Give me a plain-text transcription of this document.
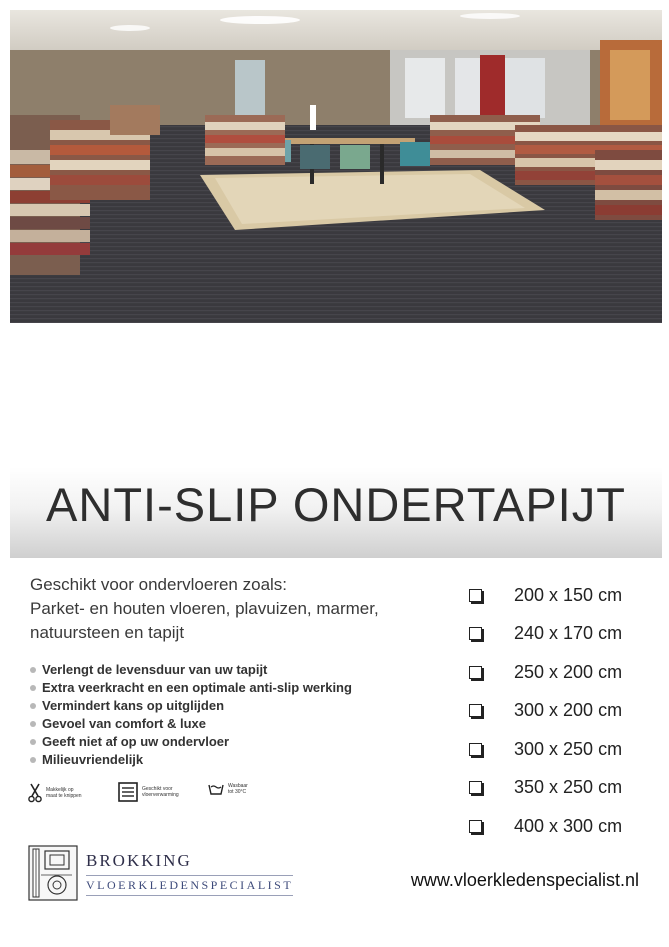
ANTI-SLIP ONDERTAPIJT
Geschikt voor ondervloeren zoals:
Parket- en houten vloeren, plavuizen, marmer,
natuursteen en tapijt
Verlengt de levensduur van uw tapijt
Extra veerkracht en een optimale anti-slip werking
Vermindert kans op uitglijden
Gevoel van comfort & luxe
Geeft niet af op uw ondervloer
Milieuvriendelijk
Makkelijk op
maat te knippen
Geschikt voor
vloerverwarming
Wasbaar
tot 30°C
200 x 150 cm
240 x 170 cm
250 x 200 cm
300 x 200 cm
300 x 250 cm
350 x 250 cm
400 x 300 cm
BROKKING
VLOERKLEDENSPECIALIST	www.vloerkledenspecialist.nl
